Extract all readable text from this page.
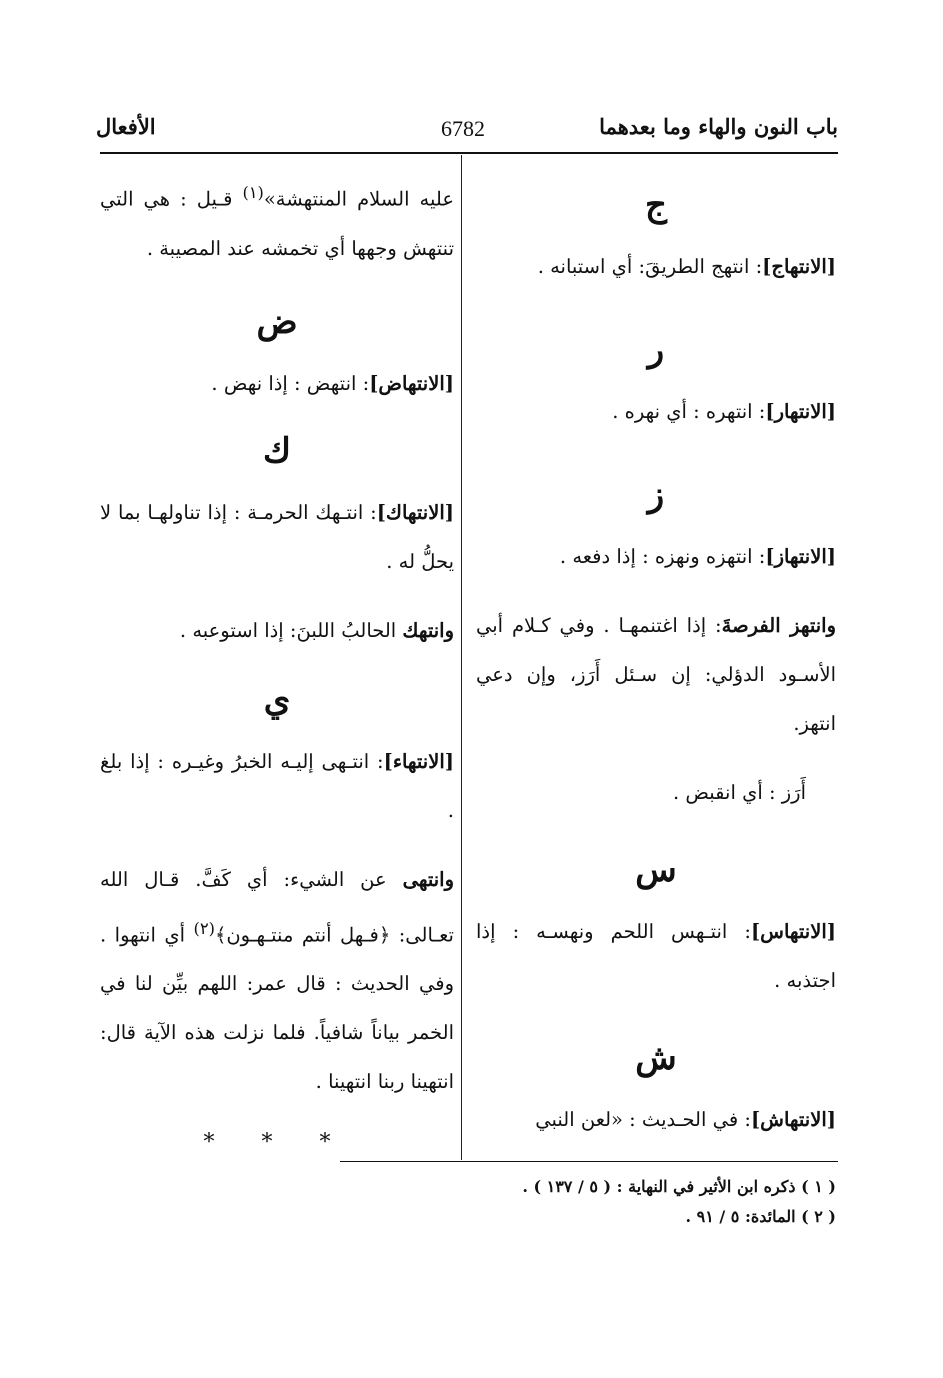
باب النون والهاء وما بعدهما
6782
الأفعال
ج

[الانتهاج]: انتهج الطريقَ: أي استبانه .

ر

[الانتهار]: انتهره : أي نهره .

ز

[الانتهاز]: انتهزه ونهزه : إذا دفعه .

وانتهز الفرصةَ: إذا اغتنمهـا . وفي كـلام أبي الأسـود الدؤلي: إن سـئل أَرَز، وإن دعي انتهز.

أَرَز : أي انقبض .

س

[الانتهاس]: انتـهس اللحم ونهسـه : إذا اجتذبه .

ش

[الانتهاش]: في الحـديث : «لعن النبي

عليه السلام المنتهشة»$^{(١)}$ قـيل : هي التي تنتهش وجهها أي تخمشه عند المصيبة .

ض

[الانتهاض]: انتهض : إذا نهض .

ك

[الانتهاك]: انتـهك الحرمـة : إذا تناولهـا بما لا يحلُّ له .

وانتهك الحالبُ اللبنَ: إذا استوعبه .

ي

[الانتهاء]: انتـهى إليـه الخبرُ وغيـره : إذا بلغ .

وانتهى عن الشيء: أي كَفَّ. قـال الله تعـالى: ﴿فـهل أنتم منتـهـون﴾$^{(٢)}$ أي انتهوا . وفي الحديث : قال عمر: اللهم بيِّن لنا في الخمر بياناً شافياً. فلما نزلت هذه الآية قال: انتهينا ربنا انتهينا .

* * *
( ١ ) ذكره ابن الأثير في النهاية : ( ٥ / ١٣٧ ) .
( ٢ ) المائدة: ٥ / ٩١ .
